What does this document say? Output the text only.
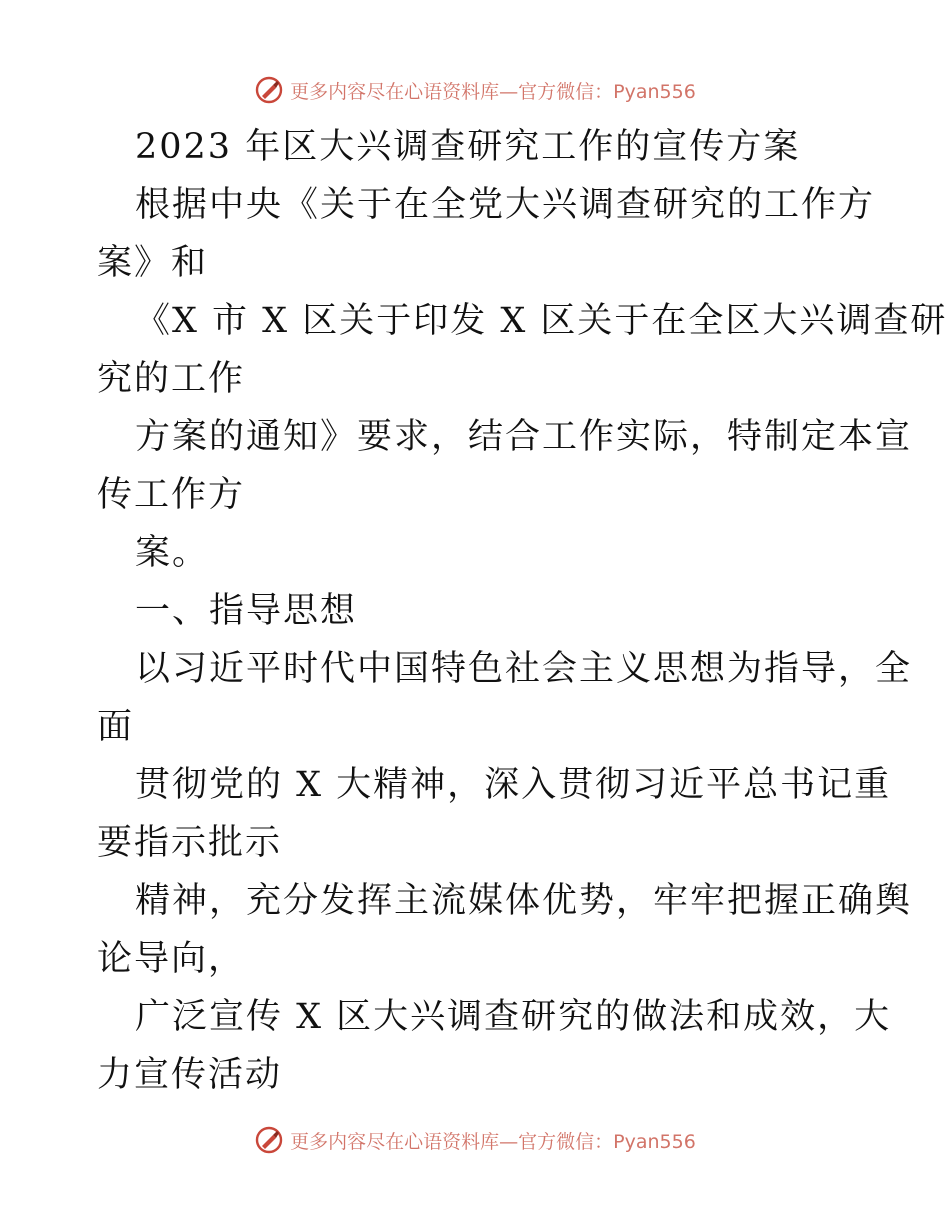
更多内容尽在心语资料库—官方微信：Pyan556
2023 年区大兴调查研究工作的宣传方案
根据中央《关于在全党大兴调查研究的工作方
案》和
《X 市 X 区关于印发 X 区关于在全区大兴调查研
究的工作
方案的通知》要求，结合工作实际，特制定本宣
传工作方
案。
一、指导思想
以习近平时代中国特色社会主义思想为指导，全
面
贯彻党的 X 大精神，深入贯彻习近平总书记重
要指示批示
精神，充分发挥主流媒体优势，牢牢把握正确舆
论导向，
广泛宣传 X 区大兴调查研究的做法和成效，大
力宣传活动
更多内容尽在心语资料库—官方微信：Pyan556
